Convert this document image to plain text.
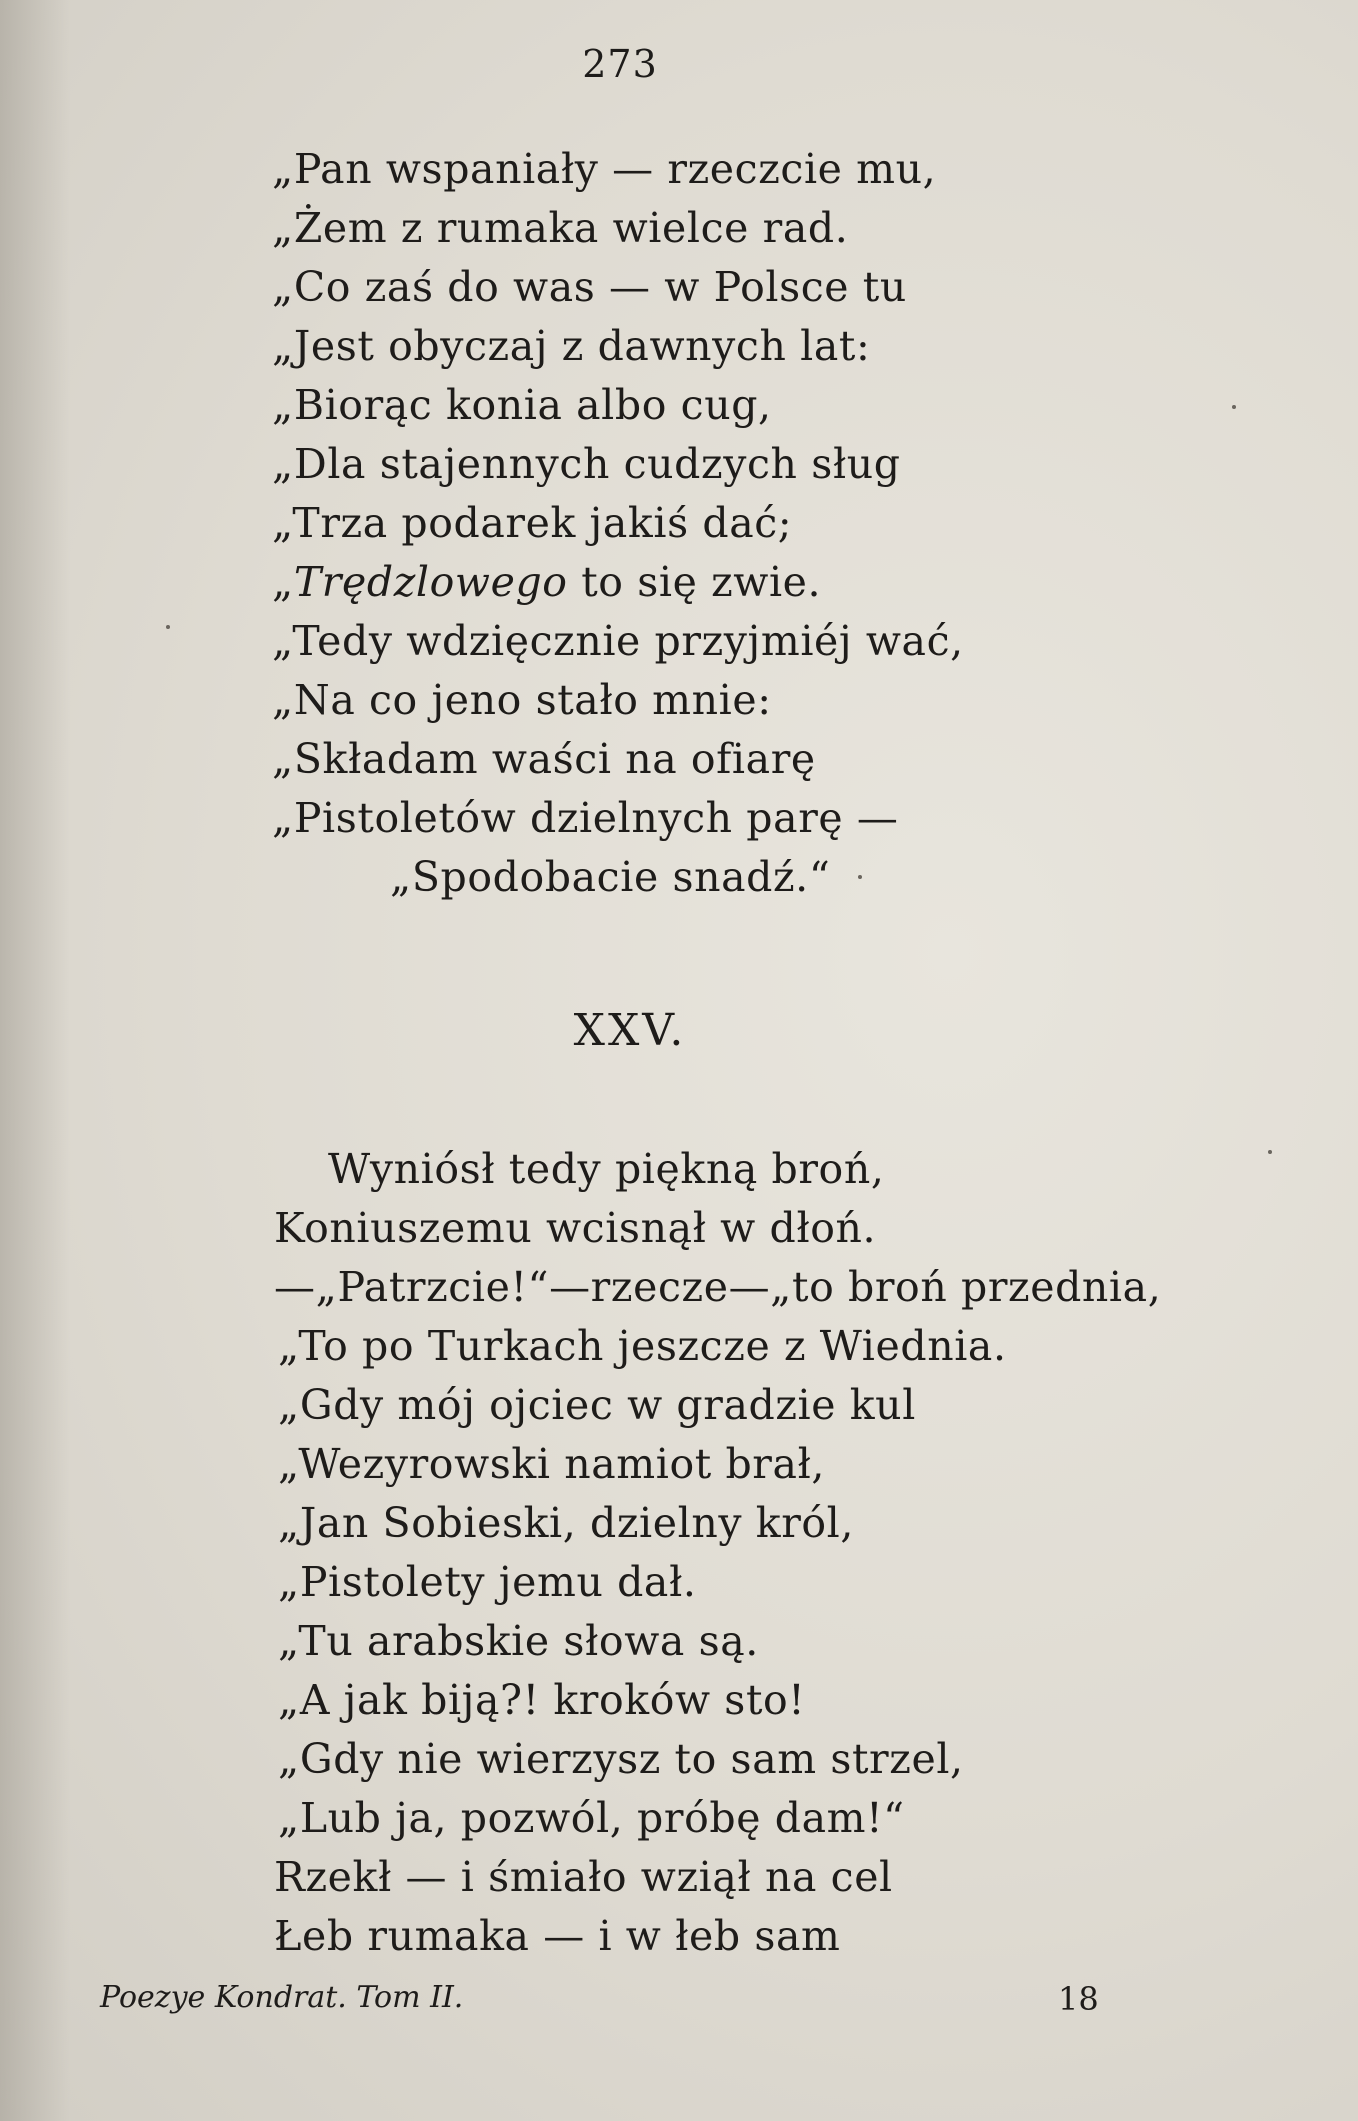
273
„Pan wspaniały — rzeczcie mu,
„Żem z rumaka wielce rad.
„Co zaś do was — w Polsce tu
„Jest obyczaj z dawnych lat:
„Biorąc konia albo cug,
„Dla stajennych cudzych sług
„Trza podarek jakiś dać;
„Trędzlowego to się zwie.
„Tedy wdzięcznie przyjmiéj wać,
„Na co jeno stało mnie:
„Składam waści na ofiarę
„Pistoletów dzielnych parę —
„Spodobacie snadź.“
XXV.
Wyniósł tedy piękną broń,
Koniuszemu wcisnął w dłoń.
—„Patrzcie!“—rzecze—„to broń przednia,
„To po Turkach jeszcze z Wiednia.
„Gdy mój ojciec w gradzie kul
„Wezyrowski namiot brał,
„Jan Sobieski, dzielny król,
„Pistolety jemu dał.
„Tu arabskie słowa są.
„A jak biją?! kroków sto!
„Gdy nie wierzysz to sam strzel,
„Lub ja, pozwól, próbę dam!“
Rzekł — i śmiało wziął na cel
Łeb rumaka — i w łeb sam
Poezye Kondrat. Tom II.	18
